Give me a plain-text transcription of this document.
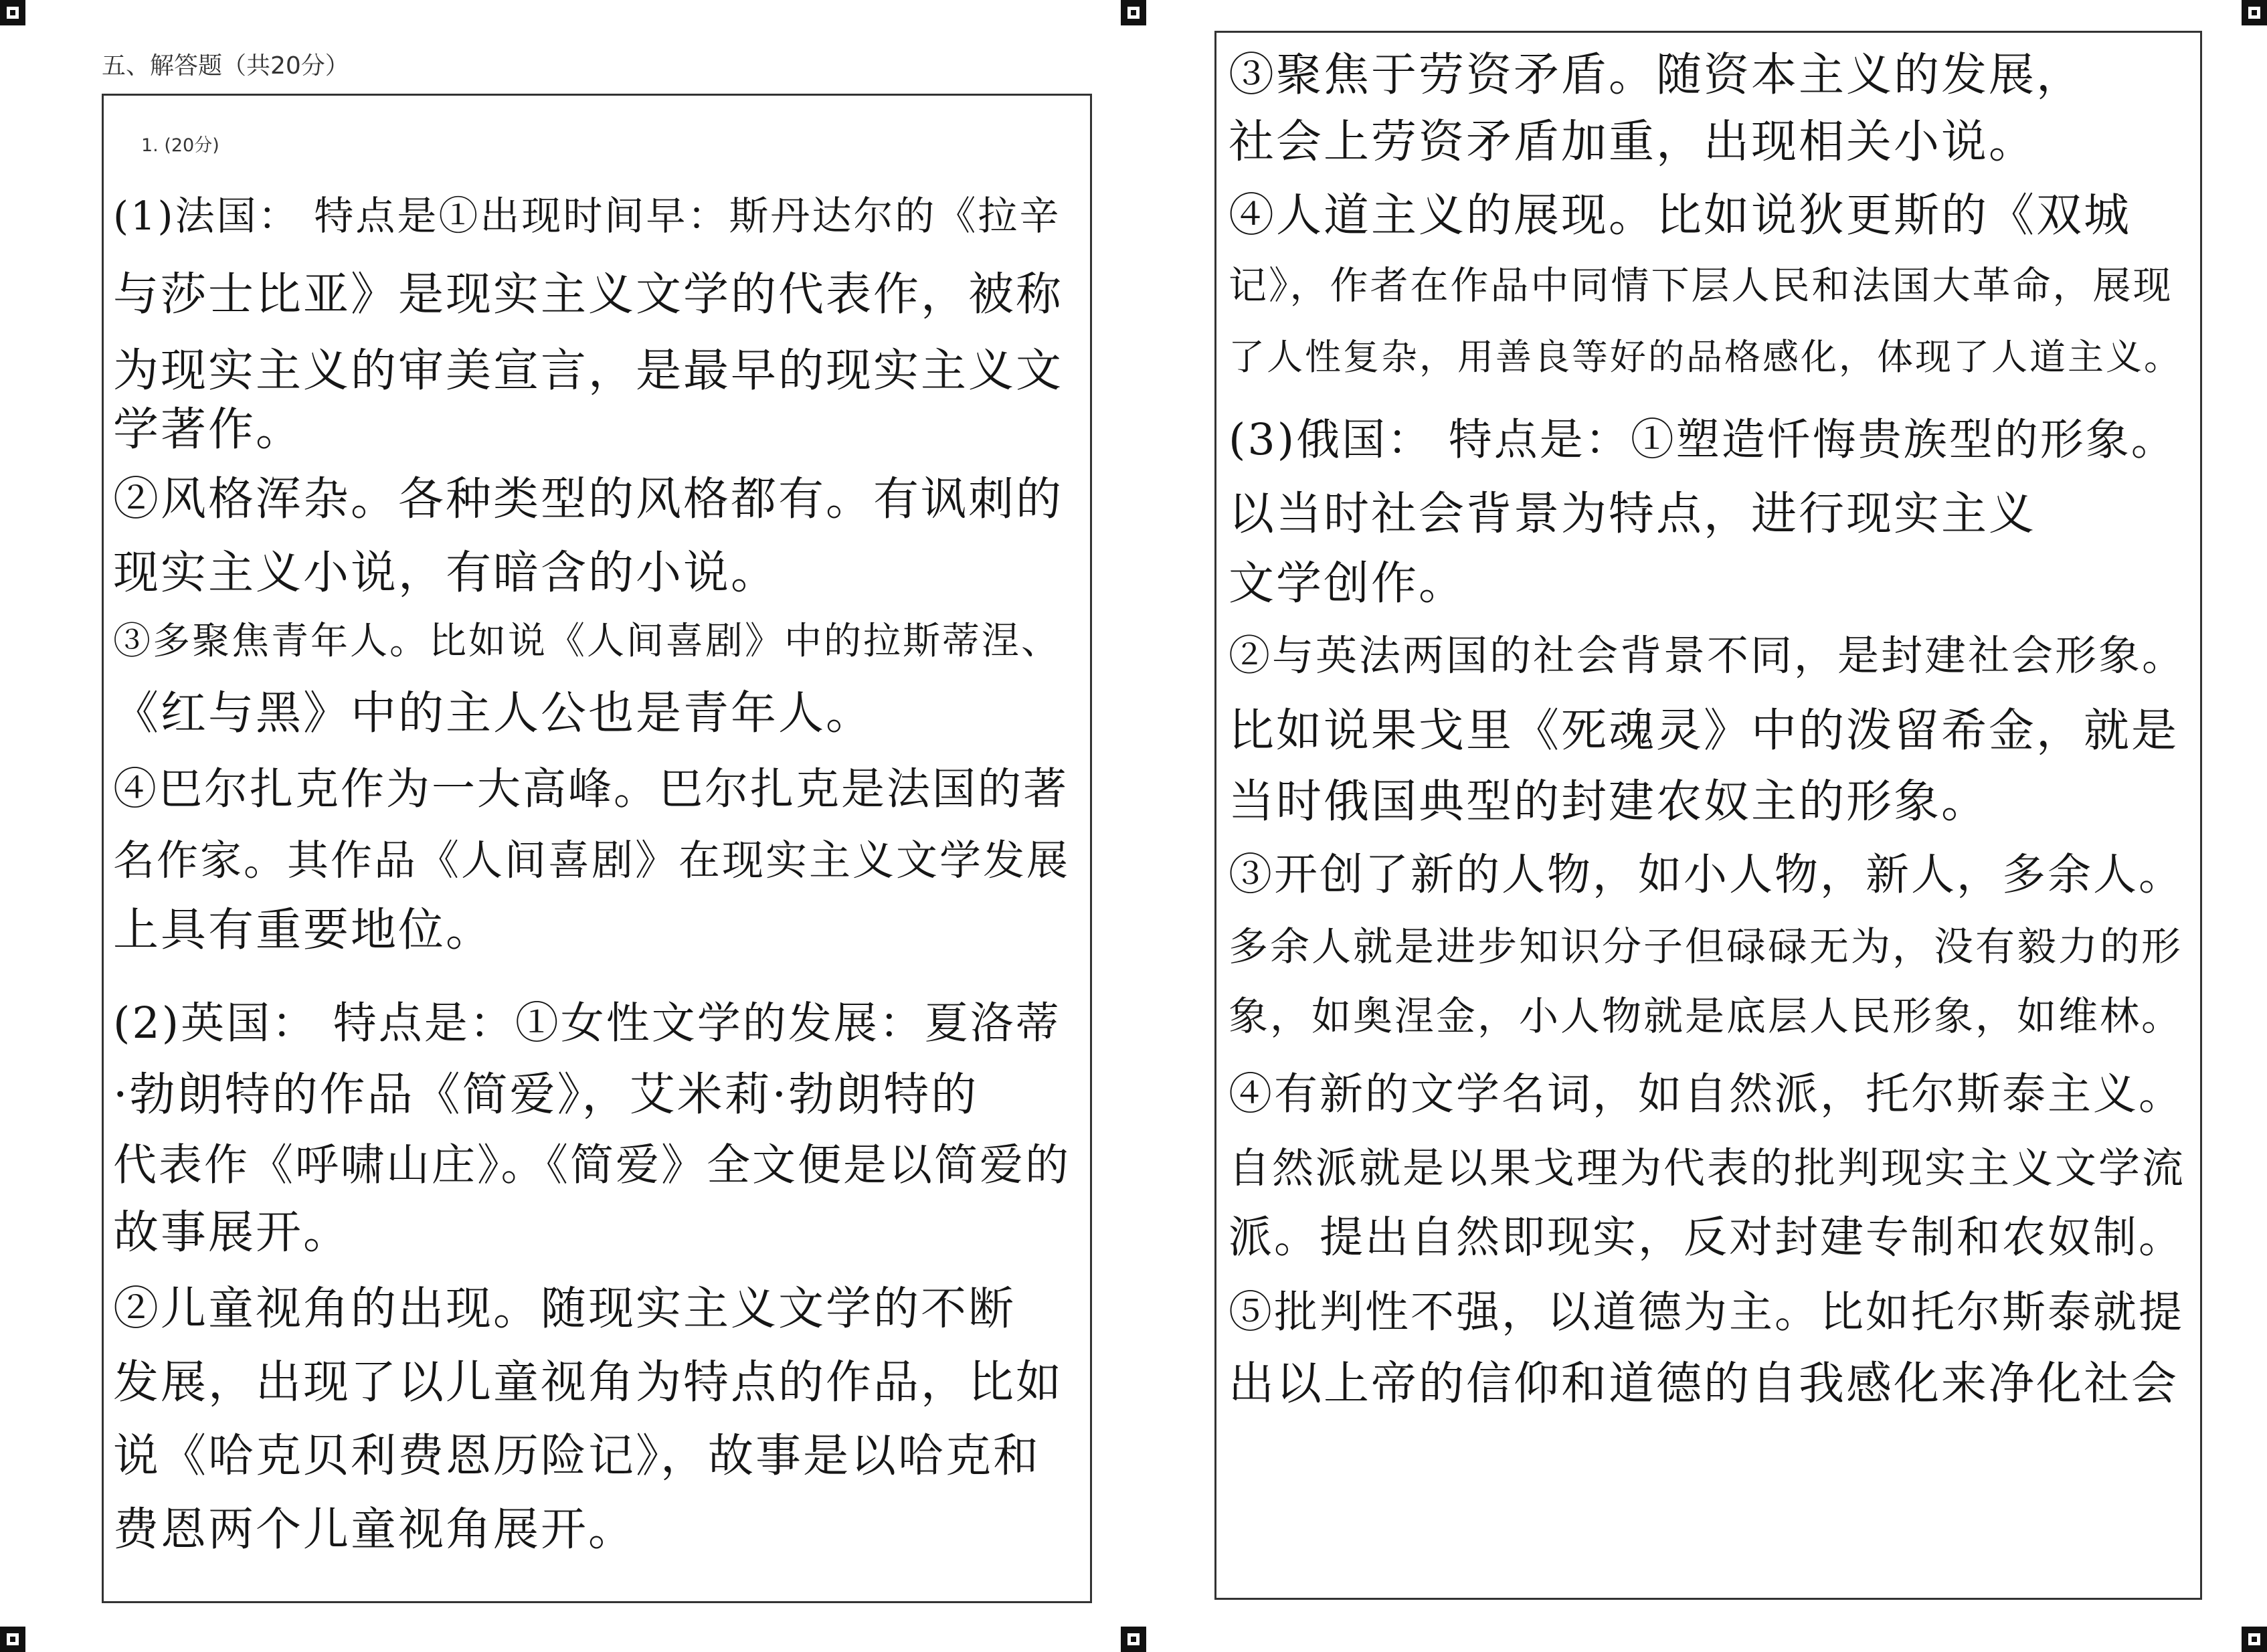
五、解答题（共20分）
1. (20分)
(1)法国： 特点是①出现时间早：斯丹达尔的《拉辛
与莎士比亚》是现实主义文学的代表作，被称
为现实主义的审美宣言，是最早的现实主义文
学著作。
②风格浑杂。各种类型的风格都有。有讽刺的
现实主义小说，有暗含的小说。
③多聚焦青年人。比如说《人间喜剧》中的拉斯蒂涅、
《红与黑》中的主人公也是青年人。
④巴尔扎克作为一大高峰。巴尔扎克是法国的著
名作家。其作品《人间喜剧》在现实主义文学发展
上具有重要地位。
(2)英国： 特点是：①女性文学的发展：夏洛蒂
·勃朗特的作品《简爱》，艾米莉·勃朗特的
代表作《呼啸山庄》。《简爱》全文便是以简爱的
故事展开。
②儿童视角的出现。随现实主义文学的不断
发展，出现了以儿童视角为特点的作品，比如
说《哈克贝利费恩历险记》，故事是以哈克和
费恩两个儿童视角展开。
③聚焦于劳资矛盾。随资本主义的发展，
社会上劳资矛盾加重，出现相关小说。
④人道主义的展现。比如说狄更斯的《双城
记》，作者在作品中同情下层人民和法国大革命，展现
了人性复杂，用善良等好的品格感化，体现了人道主义。
(3)俄国： 特点是：①塑造忏悔贵族型的形象。
以当时社会背景为特点，进行现实主义
文学创作。
②与英法两国的社会背景不同，是封建社会形象。
比如说果戈里《死魂灵》中的泼留希金，就是
当时俄国典型的封建农奴主的形象。
③开创了新的人物，如小人物，新人，多余人。
多余人就是进步知识分子但碌碌无为，没有毅力的形
象，如奥涅金，小人物就是底层人民形象，如维林。
④有新的文学名词，如自然派，托尔斯泰主义。
自然派就是以果戈理为代表的批判现实主义文学流
派。提出自然即现实，反对封建专制和农奴制。
⑤批判性不强，以道德为主。比如托尔斯泰就提
出以上帝的信仰和道德的自我感化来净化社会
